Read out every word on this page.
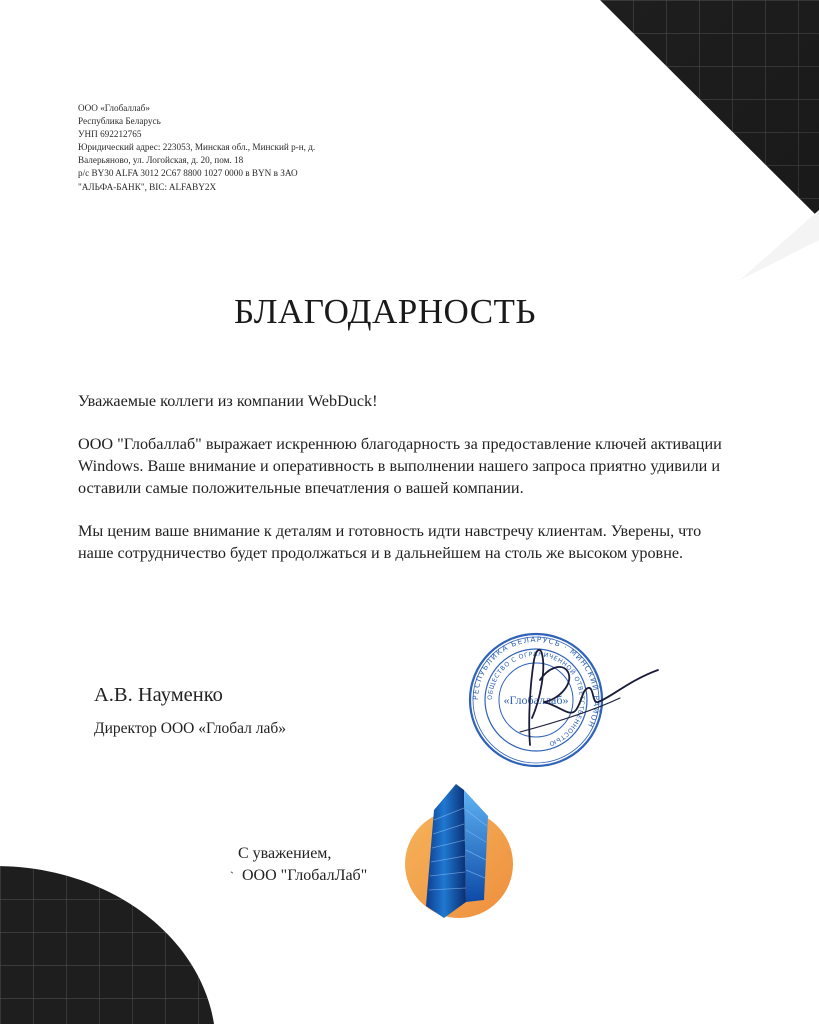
ООО «Глобаллаб»
Республика Беларусь
УНП 692212765
Юридический адрес: 223053, Минская обл., Минский р-н, д.
Валерьяново, ул. Логойская, д. 20, пом. 18
р/с BY30 ALFA 3012 2C67 8800 1027 0000 в BYN в ЗАО
"АЛЬФА-БАНК", BIC: ALFABY2X
БЛАГОДАРНОСТЬ

Уважаемые коллеги из компании WebDuck!

ООО "Глобаллаб" выражает искреннюю благодарность за предоставление ключей активации Windows. Ваше внимание и оперативность в выполнении нашего запроса приятно удивили и оставили самые положительные впечатления о вашей компании.

Мы ценим ваше внимание к деталям и готовность идти навстречу клиентам. Уверены, что наше сотрудничество будет продолжаться и в дальнейшем на столь же высоком уровне.

А.В. Науменко
Директор ООО «Глобал лаб»
РЕСПУБЛИКА БЕЛАРУСЬ · МИНСКИЙ РАЙОН
ОБЩЕСТВО С ОГРАНИЧЕННОЙ ОТВЕТСТВЕННОСТЬЮ
«Глобаллаб»
С уважением,
ˋ ООО "ГлобалЛаб"
